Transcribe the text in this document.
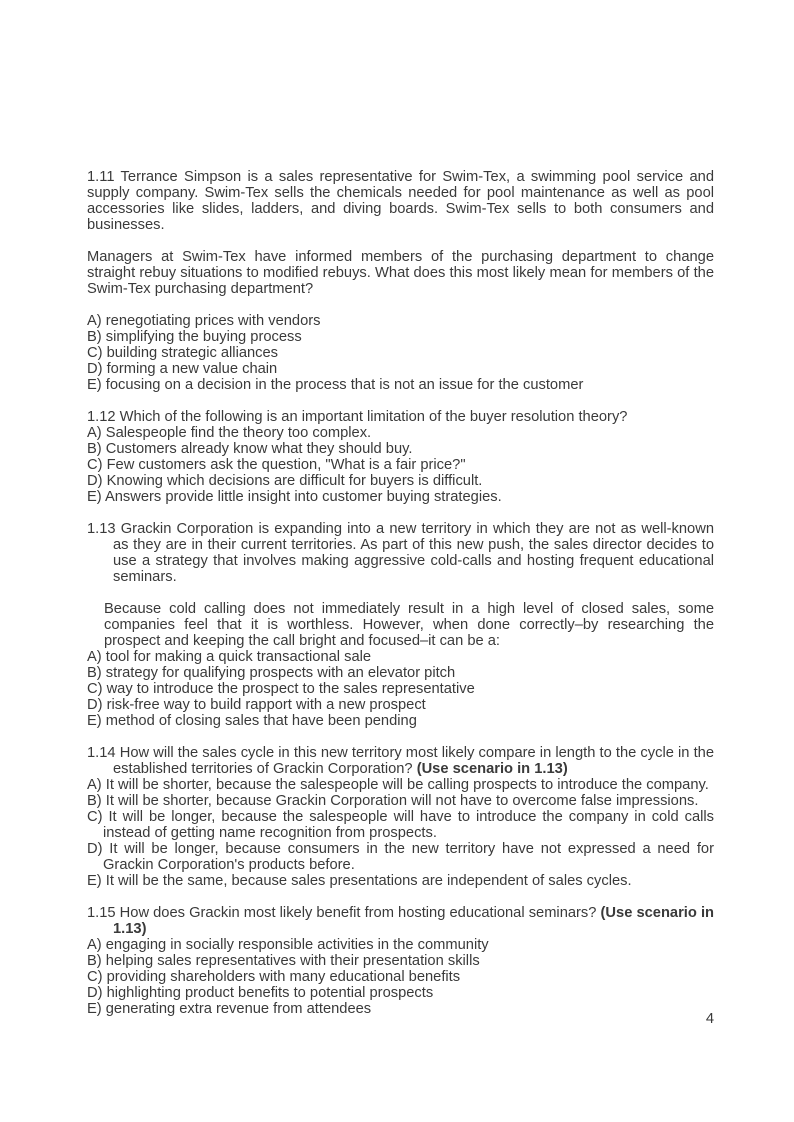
1.11 Terrance Simpson is a sales representative for Swim-Tex, a swimming pool service and supply company. Swim-Tex sells the chemicals needed for pool maintenance as well as pool accessories like slides, ladders, and diving boards. Swim-Tex sells to both consumers and businesses.
Managers at Swim-Tex have informed members of the purchasing department to change straight rebuy situations to modified rebuys. What does this most likely mean for members of the Swim-Tex purchasing department?
A) renegotiating prices with vendors
B) simplifying the buying process
C) building strategic alliances
D) forming a new value chain
E) focusing on a decision in the process that is not an issue for the customer
1.12 Which of the following is an important limitation of the buyer resolution theory?
A) Salespeople find the theory too complex.
B) Customers already know what they should buy.
C) Few customers ask the question, "What is a fair price?"
D) Knowing which decisions are difficult for buyers is difficult.
E) Answers provide little insight into customer buying strategies.
1.13 Grackin Corporation is expanding into a new territory in which they are not as well-known as they are in their current territories. As part of this new push, the sales director decides to use a strategy that involves making aggressive cold-calls and hosting frequent educational seminars.
Because cold calling does not immediately result in a high level of closed sales, some companies feel that it is worthless. However, when done correctly–by researching the prospect and keeping the call bright and focused–it can be a:
A) tool for making a quick transactional sale
B) strategy for qualifying prospects with an elevator pitch
C) way to introduce the prospect to the sales representative
D) risk-free way to build rapport with a new prospect
E) method of closing sales that have been pending
1.14 How will the sales cycle in this new territory most likely compare in length to the cycle in the established territories of Grackin Corporation? (Use scenario in 1.13)
A) It will be shorter, because the salespeople will be calling prospects to introduce the company.
B) It will be shorter, because Grackin Corporation will not have to overcome false impressions.
C) It will be longer, because the salespeople will have to introduce the company in cold calls instead of getting name recognition from prospects.
D) It will be longer, because consumers in the new territory have not expressed a need for Grackin Corporation's products before.
E) It will be the same, because sales presentations are independent of sales cycles.
1.15 How does Grackin most likely benefit from hosting educational seminars? (Use scenario in 1.13)
A) engaging in socially responsible activities in the community
B) helping sales representatives with their presentation skills
C) providing shareholders with many educational benefits
D) highlighting product benefits to potential prospects
E) generating extra revenue from attendees
4
